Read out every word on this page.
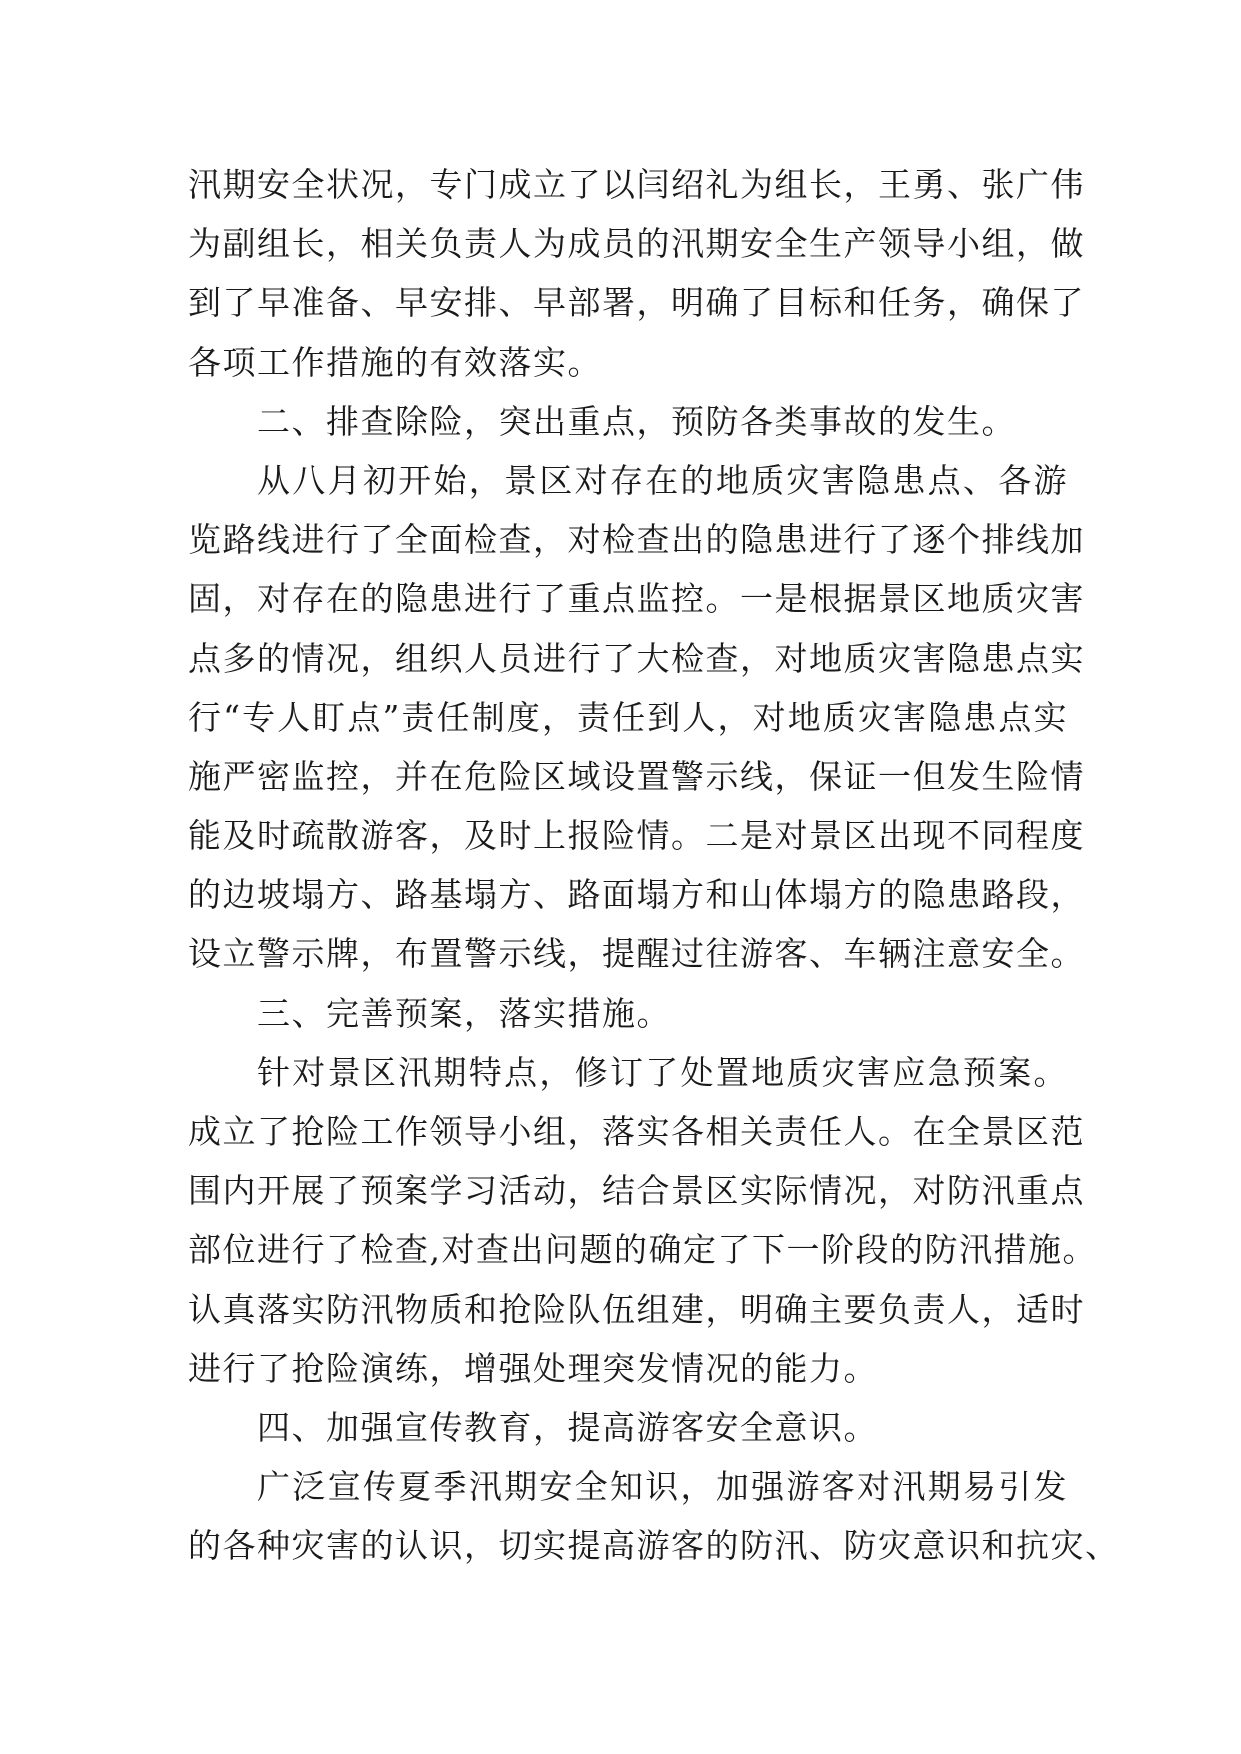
汛期安全状况，专门成立了以闫绍礼为组长，王勇、张广伟
为副组长，相关负责人为成员的汛期安全生产领导小组，做
到了早准备、早安排、早部署，明确了目标和任务，确保了
各项工作措施的有效落实。
二、排查除险，突出重点，预防各类事故的发生。
从八月初开始，景区对存在的地质灾害隐患点、各游
览路线进行了全面检查，对检查出的隐患进行了逐个排线加
固，对存在的隐患进行了重点监控。一是根据景区地质灾害
点多的情况，组织人员进行了大检查，对地质灾害隐患点实
行“专人盯点”责任制度，责任到人，对地质灾害隐患点实
施严密监控，并在危险区域设置警示线，保证一但发生险情
能及时疏散游客，及时上报险情。二是对景区出现不同程度
的边坡塌方、路基塌方、路面塌方和山体塌方的隐患路段，
设立警示牌，布置警示线，提醒过往游客、车辆注意安全。
三、完善预案，落实措施。
针对景区汛期特点，修订了处置地质灾害应急预案。
成立了抢险工作领导小组，落实各相关责任人。在全景区范
围内开展了预案学习活动，结合景区实际情况，对防汛重点
部位进行了检查,对查出问题的确定了下一阶段的防汛措施。
认真落实防汛物质和抢险队伍组建，明确主要负责人，适时
进行了抢险演练，增强处理突发情况的能力。
四、加强宣传教育，提高游客安全意识。
广泛宣传夏季汛期安全知识，加强游客对汛期易引发
的各种灾害的认识，切实提高游客的防汛、防灾意识和抗灾、
